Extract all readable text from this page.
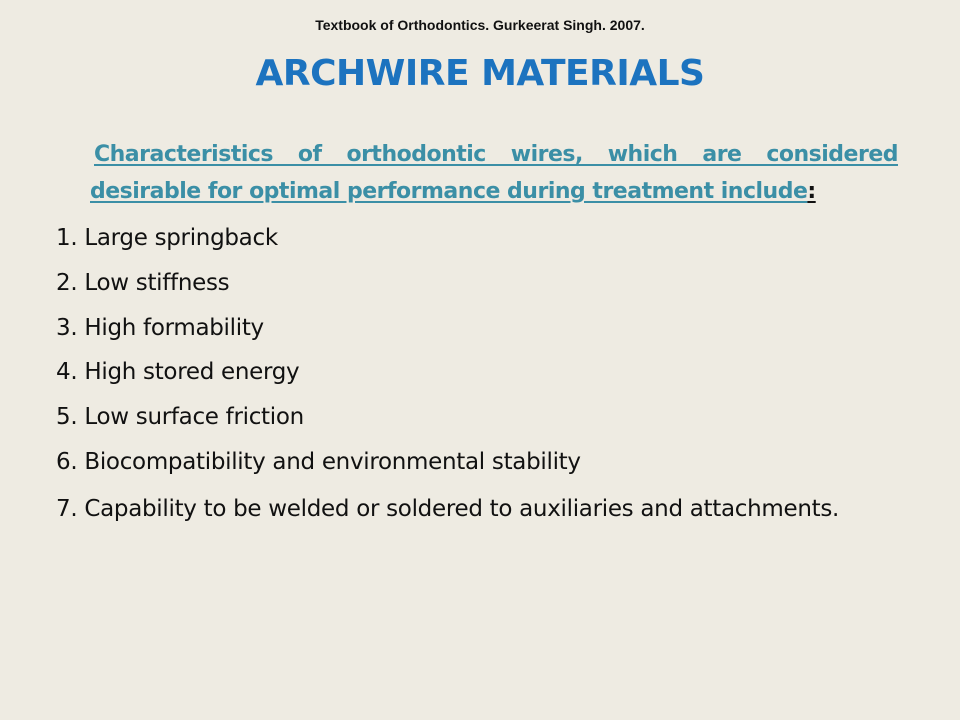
Textbook of Orthodontics. Gurkeerat Singh. 2007.
ARCHWIRE MATERIALS
Characteristics of orthodontic wires, which are considered desirable for optimal performance during treatment include:
1. Large springback
2. Low stiffness
3. High formability
4. High stored energy
5. Low surface friction
6. Biocompatibility and environmental stability
7. Capability to be welded or soldered to auxiliaries and attachments.
